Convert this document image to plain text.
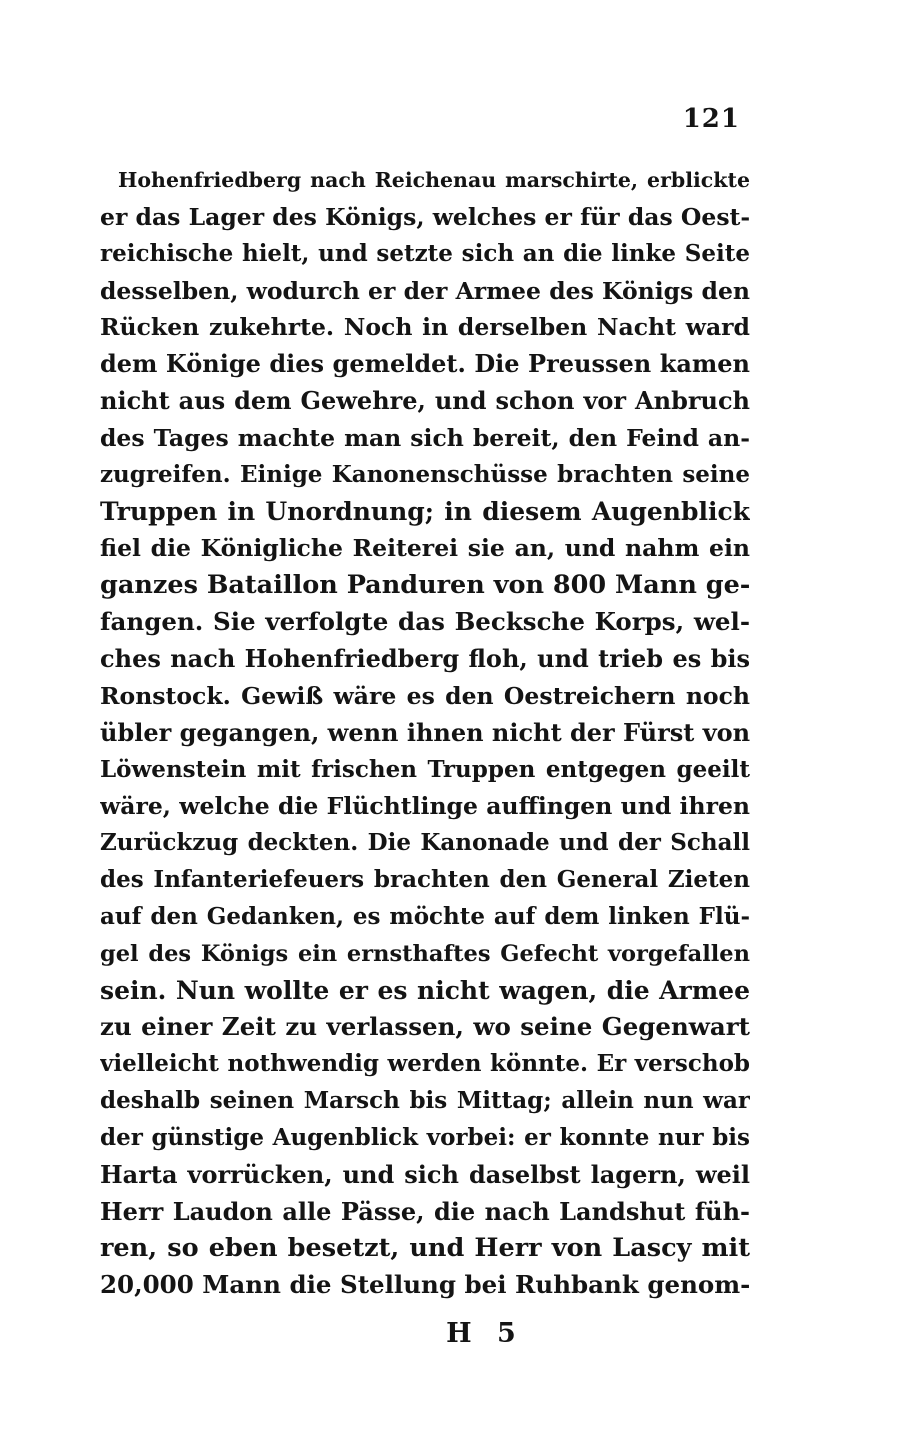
121
Hohenfriedberg nach Reichenau marschirte, erblickte
er das Lager des Königs, welches er für das Oest-
reichische hielt, und setzte sich an die linke Seite
desselben, wodurch er der Armee des Königs den
Rücken zukehrte. Noch in derselben Nacht ward
dem Könige dies gemeldet. Die Preussen kamen
nicht aus dem Gewehre, und schon vor Anbruch
des Tages machte man sich bereit, den Feind an-
zugreifen. Einige Kanonenschüsse brachten seine
Truppen in Unordnung; in diesem Augenblick
fiel die Königliche Reiterei sie an, und nahm ein
ganzes Bataillon Panduren von 800 Mann ge-
fangen. Sie verfolgte das Becksche Korps, wel-
ches nach Hohenfriedberg floh, und trieb es bis
Ronstock. Gewiß wäre es den Oestreichern noch
übler gegangen, wenn ihnen nicht der Fürst von
Löwenstein mit frischen Truppen entgegen geeilt
wäre, welche die Flüchtlinge auffingen und ihren
Zurückzug deckten. Die Kanonade und der Schall
des Infanteriefeuers brachten den General Zieten
auf den Gedanken, es möchte auf dem linken Flü-
gel des Königs ein ernsthaftes Gefecht vorgefallen
sein. Nun wollte er es nicht wagen, die Armee
zu einer Zeit zu verlassen, wo seine Gegenwart
vielleicht nothwendig werden könnte. Er verschob
deshalb seinen Marsch bis Mittag; allein nun war
der günstige Augenblick vorbei: er konnte nur bis
Harta vorrücken, und sich daselbst lagern, weil
Herr Laudon alle Pässe, die nach Landshut füh-
ren, so eben besetzt, und Herr von Lascy mit
20,000 Mann die Stellung bei Ruhbank genom-
H 5
